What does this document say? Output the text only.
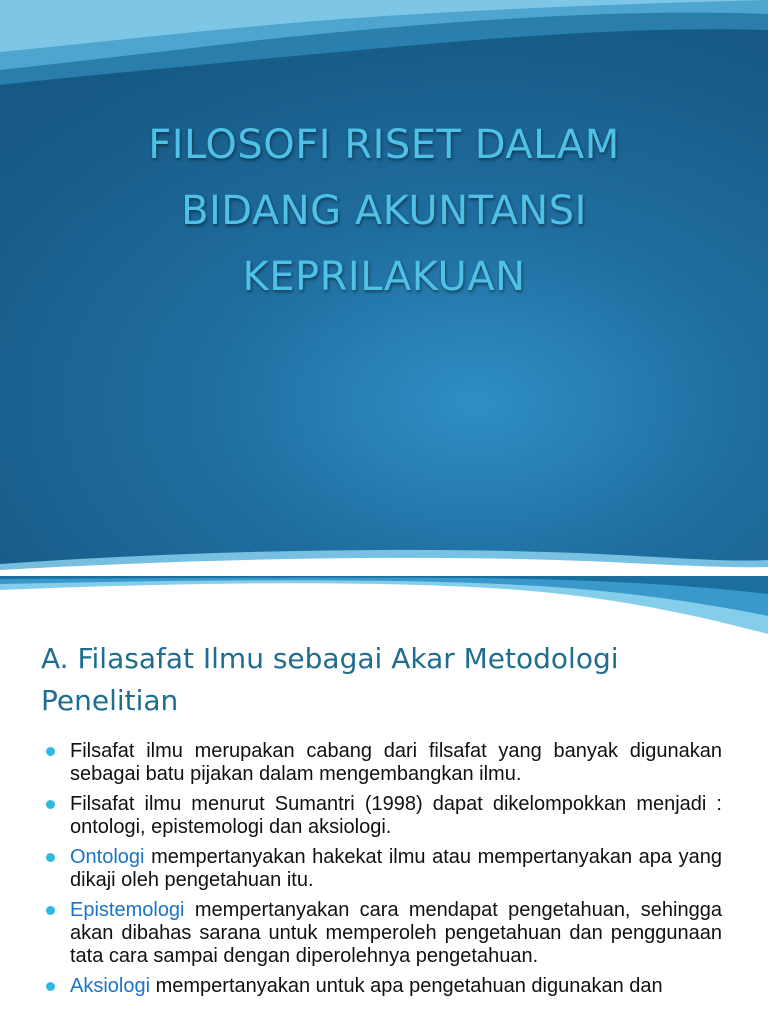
FILOSOFI RISET DALAM
BIDANG AKUNTANSI
KEPRILAKUAN
A. Filasafat Ilmu sebagai Akar Metodologi
Penelitian
Filsafat ilmu merupakan cabang dari filsafat yang banyak digunakan sebagai batu pijakan dalam mengembangkan ilmu.
Filsafat ilmu menurut Sumantri (1998) dapat dikelompokkan menjadi : ontologi, epistemologi dan aksiologi.
Ontologi mempertanyakan hakekat ilmu atau mempertanyakan apa yang dikaji oleh pengetahuan itu.
Epistemologi mempertanyakan cara mendapat pengetahuan, sehingga akan dibahas sarana untuk memperoleh pengetahuan dan penggunaan tata cara sampai dengan diperolehnya pengetahuan.
Aksiologi mempertanyakan untuk apa pengetahuan digunakan dan
